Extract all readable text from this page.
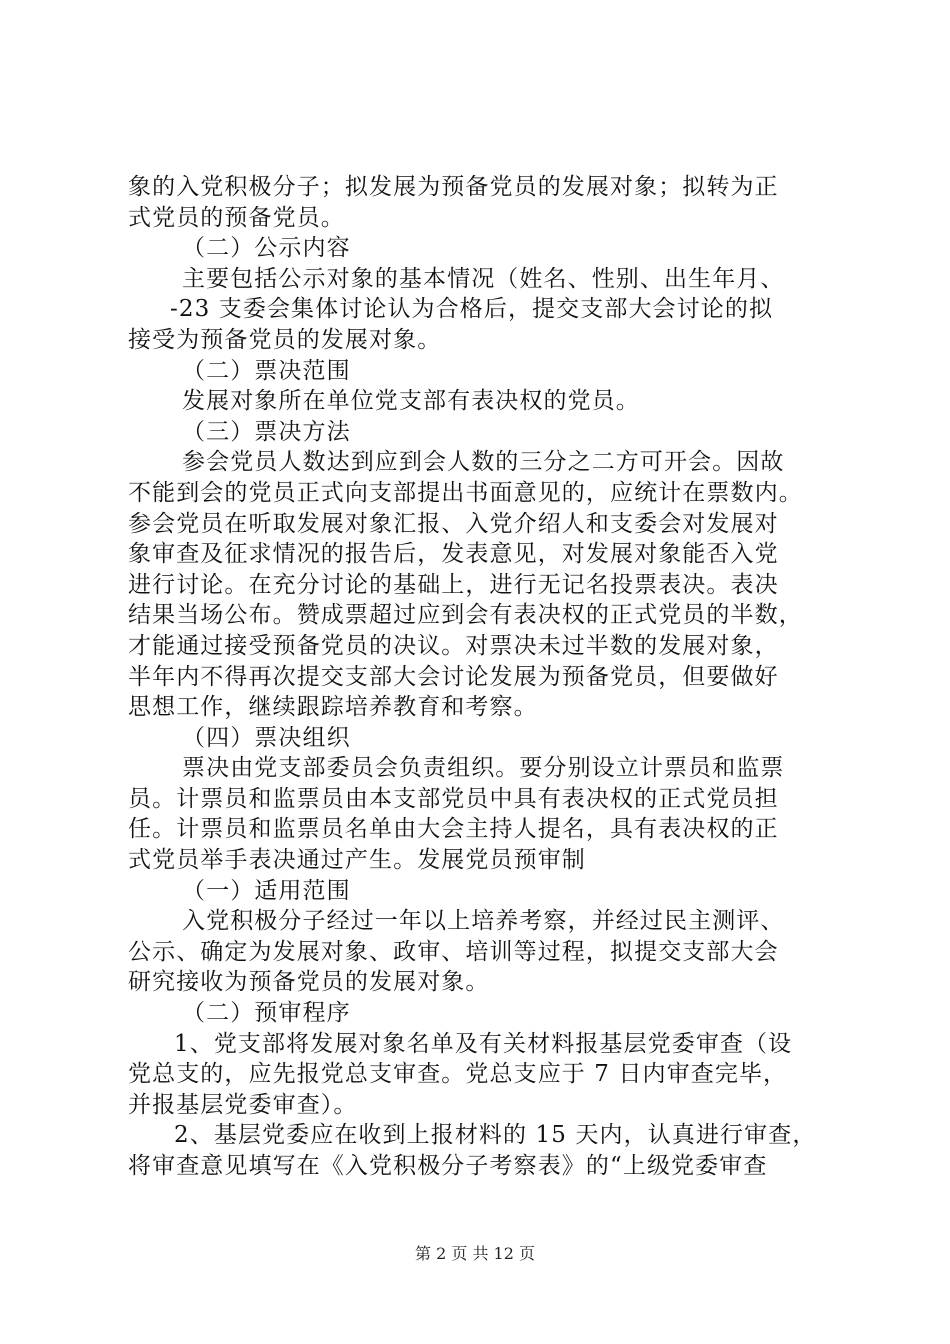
象的入党积极分子；拟发展为预备党员的发展对象；拟转为正
式党员的预备党员。
（二）公示内容
主要包括公示对象的基本情况（姓名、性别、出生年月、
-23 支委会集体讨论认为合格后，提交支部大会讨论的拟
接受为预备党员的发展对象。
（二）票决范围
发展对象所在单位党支部有表决权的党员。
（三）票决方法
参会党员人数达到应到会人数的三分之二方可开会。因故
不能到会的党员正式向支部提出书面意见的，应统计在票数内。
参会党员在听取发展对象汇报、入党介绍人和支委会对发展对
象审查及征求情况的报告后，发表意见，对发展对象能否入党
进行讨论。在充分讨论的基础上，进行无记名投票表决。表决
结果当场公布。赞成票超过应到会有表决权的正式党员的半数，
才能通过接受预备党员的决议。对票决未过半数的发展对象，
半年内不得再次提交支部大会讨论发展为预备党员，但要做好
思想工作，继续跟踪培养教育和考察。
（四）票决组织
票决由党支部委员会负责组织。要分别设立计票员和监票
员。计票员和监票员由本支部党员中具有表决权的正式党员担
任。计票员和监票员名单由大会主持人提名，具有表决权的正
式党员举手表决通过产生。发展党员预审制
（一）适用范围
入党积极分子经过一年以上培养考察，并经过民主测评、
公示、确定为发展对象、政审、培训等过程，拟提交支部大会
研究接收为预备党员的发展对象。
（二）预审程序
1、党支部将发展对象名单及有关材料报基层党委审查（设
党总支的，应先报党总支审查。党总支应于 7 日内审查完毕，
并报基层党委审查）。
2、基层党委应在收到上报材料的 15 天内，认真进行审查，
将审查意见填写在《入党积极分子考察表》的“上级党委审查
第 2 页 共 12 页
